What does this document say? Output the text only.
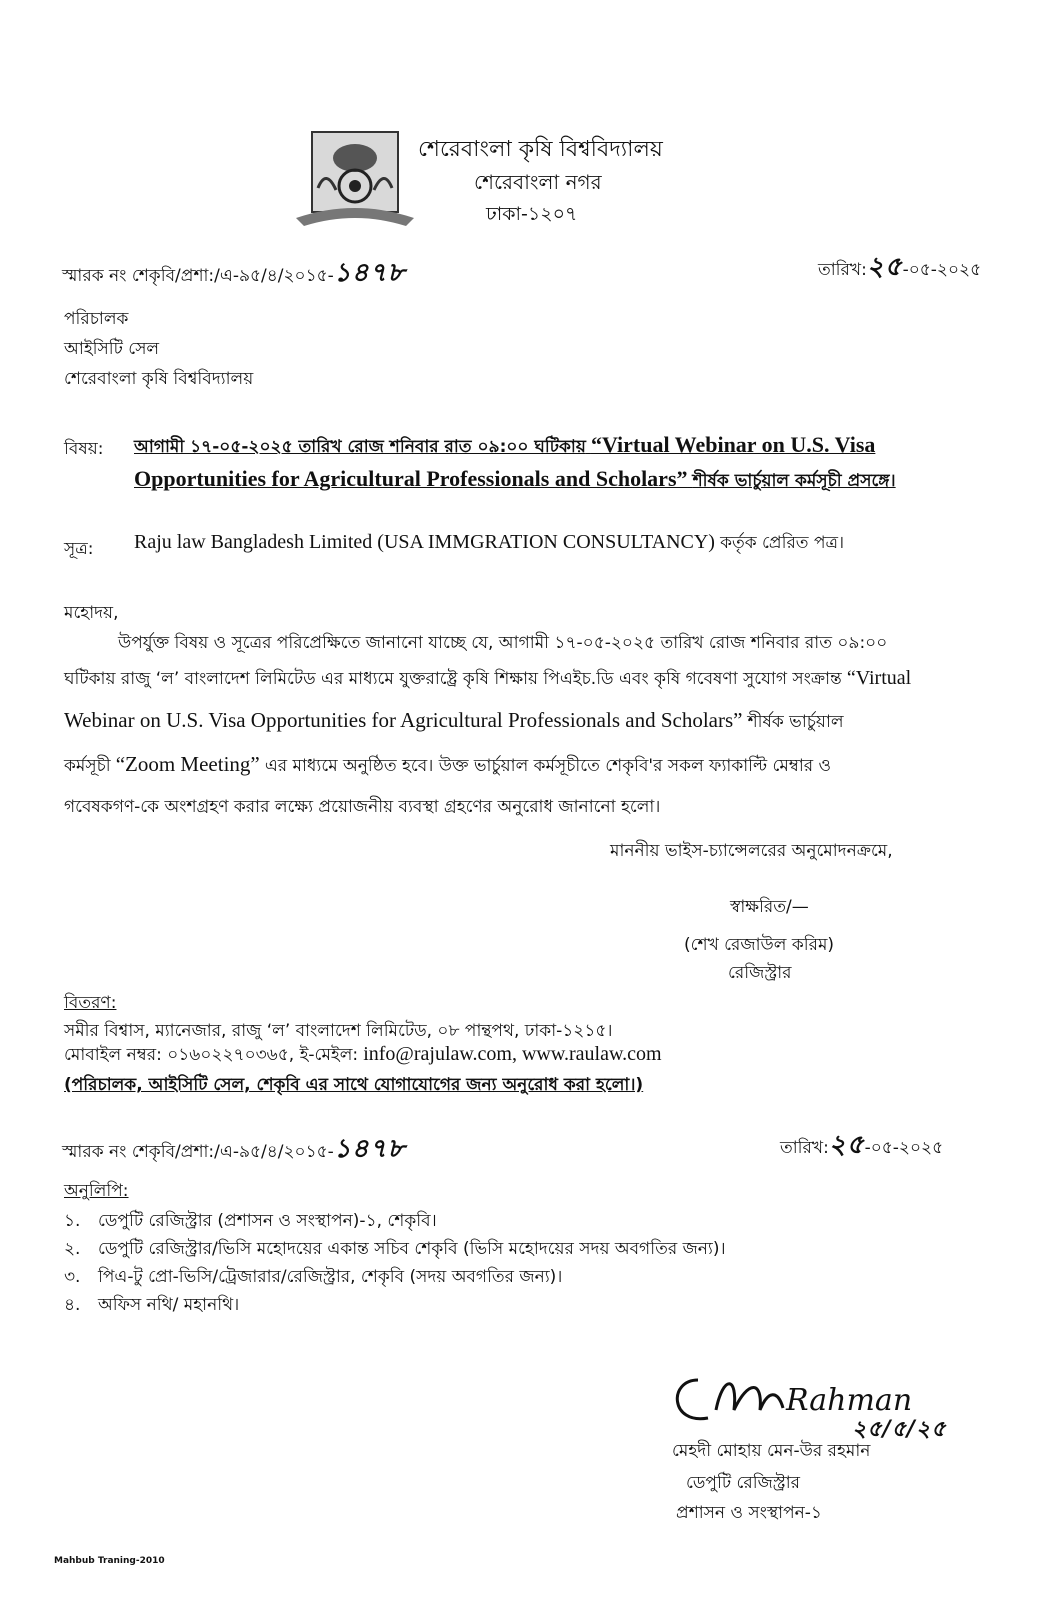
শেরেবাংলা কৃষি বিশ্ববিদ্যালয়
শেরেবাংলা নগর
ঢাকা-১২০৭
স্মারক নং শেকৃবি/প্রশা:/এ-৯৫/৪/২০১৫-১৪৭৮	তারিখ:২৫-০৫-২০২৫
পরিচালক
আইসিটি সেল
শেরেবাংলা কৃষি বিশ্ববিদ্যালয়
বিষয়: আগামী ১৭-০৫-২০২৫ তারিখ রোজ শনিবার রাত ০৯:০০ ঘটিকায় “Virtual Webinar on U.S. Visa
Opportunities for Agricultural Professionals and Scholars” শীর্ষক ভার্চুয়াল কর্মসূচী প্রসঙ্গে।
সূত্র: Raju law Bangladesh Limited (USA IMMGRATION CONSULTANCY) কর্তৃক প্রেরিত পত্র।
মহোদয়,
উপর্যুক্ত বিষয় ও সূত্রের পরিপ্রেক্ষিতে জানানো যাচ্ছে যে, আগামী ১৭-০৫-২০২৫ তারিখ রোজ শনিবার রাত ০৯:০০
ঘটিকায় রাজু ‘ল’ বাংলাদেশ লিমিটেড এর মাধ্যমে যুক্তরাষ্ট্রে কৃষি শিক্ষায় পিএইচ.ডি এবং কৃষি গবেষণা সুযোগ সংক্রান্ত “Virtual
Webinar on U.S. Visa Opportunities for Agricultural Professionals and Scholars” শীর্ষক ভার্চুয়াল
কর্মসূচী “Zoom Meeting” এর মাধ্যমে অনুষ্ঠিত হবে। উক্ত ভার্চুয়াল কর্মসূচীতে শেকৃবি'র সকল ফ্যাকাল্টি মেম্বার ও
গবেষকগণ-কে অংশগ্রহণ করার লক্ষ্যে প্রয়োজনীয় ব্যবস্থা গ্রহণের অনুরোধ জানানো হলো।
মাননীয় ভাইস-চ্যান্সেলরের অনুমোদনক্রমে,
স্বাক্ষরিত/—
(শেখ রেজাউল করিম)
রেজিস্ট্রার
বিতরণ:
সমীর বিশ্বাস, ম্যানেজার, রাজু ‘ল’ বাংলাদেশ লিমিটেড, ০৮ পান্থপথ, ঢাকা-১২১৫।
মোবাইল নম্বর: ০১৬০২২৭০৩৬৫, ই-মেইল: info@rajulaw.com, www.raulaw.com
(পরিচালক, আইসিটি সেল, শেকৃবি এর সাথে যোগাযোগের জন্য অনুরোধ করা হলো।)
স্মারক নং শেকৃবি/প্রশা:/এ-৯৫/৪/২০১৫-১৪৭৮	তারিখ:২৫-০৫-২০২৫
অনুলিপি:
১. ডেপুটি রেজিস্ট্রার (প্রশাসন ও সংস্থাপন)-১, শেকৃবি।
২. ডেপুটি রেজিস্ট্রার/ভিসি মহোদয়ের একান্ত সচিব শেকৃবি (ভিসি মহোদয়ের সদয় অবগতির জন্য)।
৩. পিএ-টু প্রো-ভিসি/ট্রেজারার/রেজিস্ট্রার, শেকৃবি (সদয় অবগতির জন্য)।
৪. অফিস নথি/ মহানথি।
Rahman
২৫/৫/২৫
মেহদী মোহায় মেন-উর রহমান
ডেপুটি রেজিস্ট্রার
প্রশাসন ও সংস্থাপন-১
Mahbub Traning-2010
